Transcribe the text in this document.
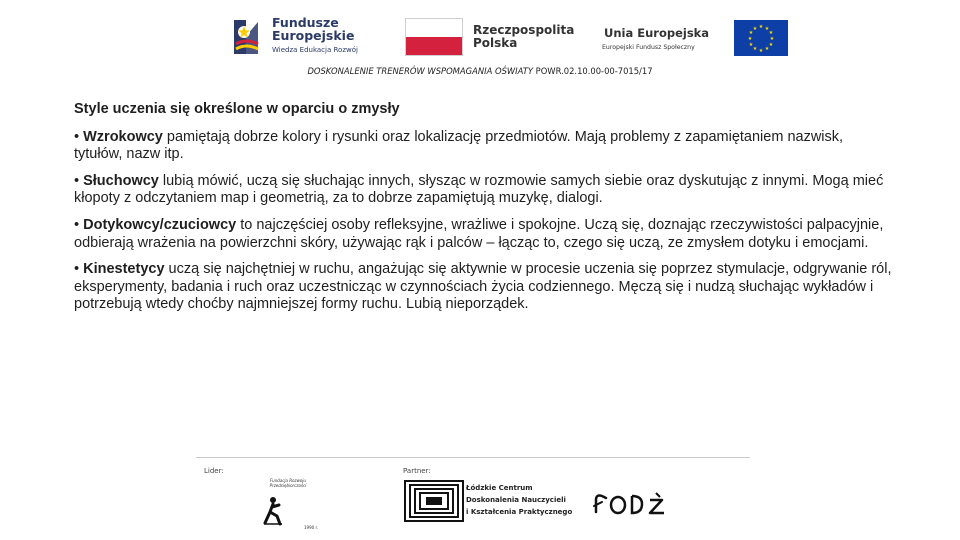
Fundusze
Europejskie
Wiedza Edukacja Rozwój
Rzeczpospolita
Polska
Unia Europejska
Europejski Fundusz Społeczny
★ ★
★
★
★
★
★
★
★
★
★
★
DOSKONALENIE TRENERÓW WSPOMAGANIA OŚWIATY POWR.02.10.00-00-7015/17
Style uczenia się określone w oparciu o zmysły
• Wzrokowcy pamiętają dobrze kolory i rysunki oraz lokalizację przedmiotów. Mają problemy z zapamiętaniem nazwisk, tytułów, nazw itp.
• Słuchowcy lubią mówić, uczą się słuchając innych, słysząc w rozmowie samych siebie oraz dyskutując z innymi. Mogą mieć kłopoty z odczytaniem map i geometrią, za to dobrze zapamiętują muzykę, dialogi.
• Dotykowcy/czuciowcy to najczęściej osoby refleksyjne, wrażliwe i spokojne. Uczą się, doznając rzeczywistości palpacyjnie, odbierają wrażenia na powierzchni skóry, używając rąk i palców – łącząc to, czego się uczą, ze zmysłem dotyku i emocjami.
• Kinestetycy uczą się najchętniej w ruchu, angażując się aktywnie w procesie uczenia się poprzez stymulacje, odgrywanie ról, eksperymenty, badania i ruch oraz uczestnicząc w czynnościach życia codziennego. Męczą się i nudzą słuchając wykładów i potrzebują wtedy choćby najmniejszej formy ruchu. Lubią nieporządek.
Lider:	Partner:
Fundacja Rozwoju
Przedsiębiorczości
1990 r.
Łódzkie Centrum
Doskonalenia Nauczycieli
i Kształcenia Praktycznego
